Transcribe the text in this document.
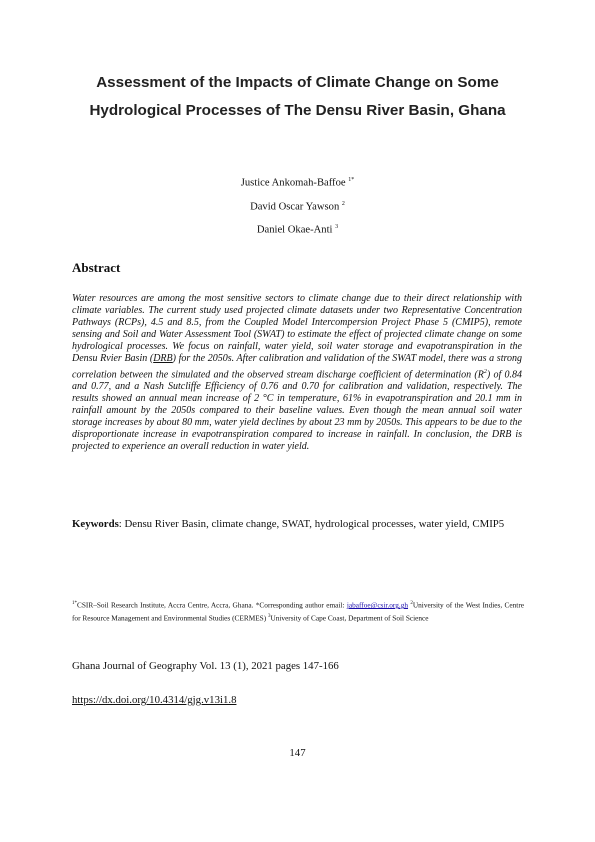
Assessment of the Impacts of Climate Change on Some
Hydrological Processes of The Densu River Basin, Ghana
Justice Ankomah-Baffoe $^{1*}$
David Oscar Yawson $^2$
Daniel Okae-Anti $^3$
Abstract
Water resources are among the most sensitive sectors to climate change due to their direct relationship with climate variables. The current study used projected climate datasets under two Representative Concentration Pathways (RCPs), 4.5 and 8.5, from the Coupled Model Intercompersion Project Phase 5 (CMIP5), remote sensing and Soil and Water Assessment Tool (SWAT) to estimate the effect of projected climate change on some hydrological processes. We focus on rainfall, water yield, soil water storage and evapotranspiration in the Densu Rvier Basin (DRB) for the 2050s. After calibration and validation of the SWAT model, there was a strong correlation between the simulated and the observed stream discharge coefficient of determination $(R^2)$ of 0.84 and 0.77, and a Nash Sutcliffe Efficiency of 0.76 and 0.70 for calibration and validation, respectively. The results showed an annual mean increase of 2 °C in temperature, 61% in evapotranspiration and 20.1 mm in rainfall amount by the 2050s compared to their baseline values. Even though the mean annual soil water storage increases by about 80 mm, water yield declines by about 23 mm by 2050s. This appears to be due to the disproportionate increase in evapotranspiration compared to increase in rainfall. In conclusion, the DRB is projected to experience an overall reduction in water yield.
Keywords: Densu River Basin, climate change, SWAT, hydrological processes, water yield, CMIP5
$^{1*}$CSIR–Soil Research Institute, Accra Centre, Accra, Ghana. *Corresponding author email: jabaffoe@csir.org.gh $^2$University of the West Indies, Centre for Resource Management and Environmental Studies (CERMES) $^3$University of Cape Coast, Department of Soil Science
Ghana Journal of Geography Vol. 13 (1), 2021 pages 147-166
https://dx.doi.org/10.4314/gjg.v13i1.8
147
